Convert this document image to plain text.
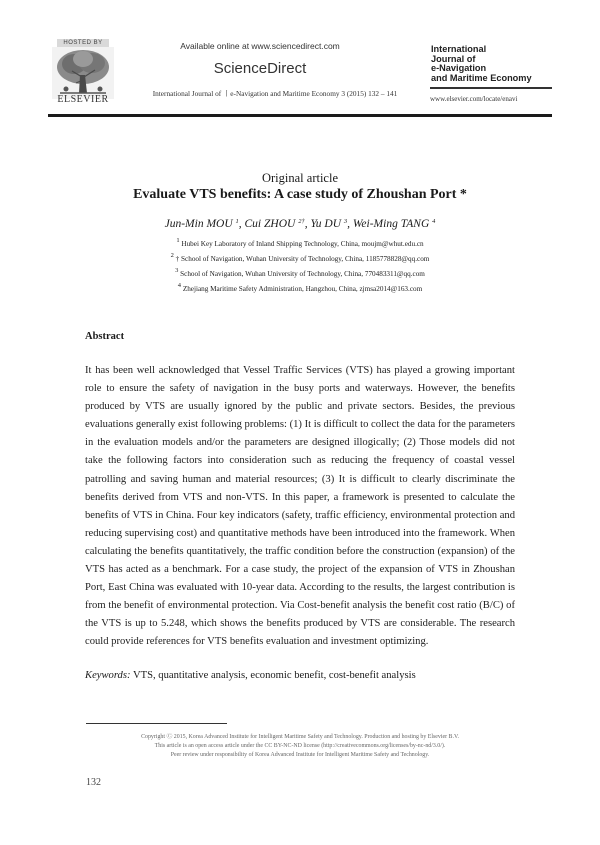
HOSTED BY
ELSEVIER
Available online at www.sciencedirect.com
ScienceDirect
International Journal of 〡e-Navigation and Maritime Economy 3 (2015) 132 – 141
International
Journal of
e-Navigation
and Maritime Economy
www.elsevier.com/locate/enavi
Original article
Evaluate VTS benefits: A case study of Zhoushan Port *
Jun-Min MOU $^1$, Cui ZHOU $^{2\dagger}$, Yu DU $^3$, Wei-Ming TANG $^4$
$^1$ Hubei Key Laboratory of Inland Shipping Technology, China, moujm@whut.edu.cn
$^2$ † School of Navigation, Wuhan University of Technology, China, 1185778828@qq.com
$^3$ School of Navigation, Wuhan University of Technology, China, 770483311@qq.com
$^4$ Zhejiang Maritime Safety Administration, Hangzhou, China, zjmsa2014@163.com
Abstract
It has been well acknowledged that Vessel Traffic Services (VTS) has played a growing important role to ensure the safety of navigation in the busy ports and waterways. However, the benefits produced by VTS are usually ignored by the public and private sectors. Besides, the previous evaluations generally exist following problems: (1) It is difficult to collect the data for the parameters in the evaluation models and/or the parameters are designed illogically; (2) Those models did not take the following factors into consideration such as reducing the frequency of coastal vessel patrolling and saving human and material resources; (3) It is difficult to clearly discriminate the benefits derived from VTS and non-VTS. In this paper, a framework is presented to calculate the benefits of VTS in China. Four key indicators (safety, traffic efficiency, environmental protection and reducing supervising cost) and quantitative methods have been introduced into the framework. When calculating the benefits quantitatively, the traffic condition before the construction (expansion) of the VTS has acted as a benchmark. For a case study, the project of the expansion of VTS in Zhoushan Port, East China was evaluated with 10-year data. According to the results, the largest contribution is from the benefit of environmental protection. Via Cost-benefit analysis the benefit cost ratio (B/C) of the VTS is up to 5.248, which shows the benefits produced by VTS are considerable. The research could provide references for VTS benefits evaluation and investment optimizing.
Keywords: VTS, quantitative analysis, economic benefit, cost-benefit analysis
Copyright Ⓒ 2015, Korea Advanced Institute for Intelligent Maritime Safety and Technology. Production and hosting by Elsevier B.V.
This article is an open access article under the CC BY-NC-ND license (http://creativecommons.org/licenses/by-nc-nd/3.0/).
Peer review under responsibility of Korea Advanced Institute for Intelligent Maritime Safety and Technology.
132
